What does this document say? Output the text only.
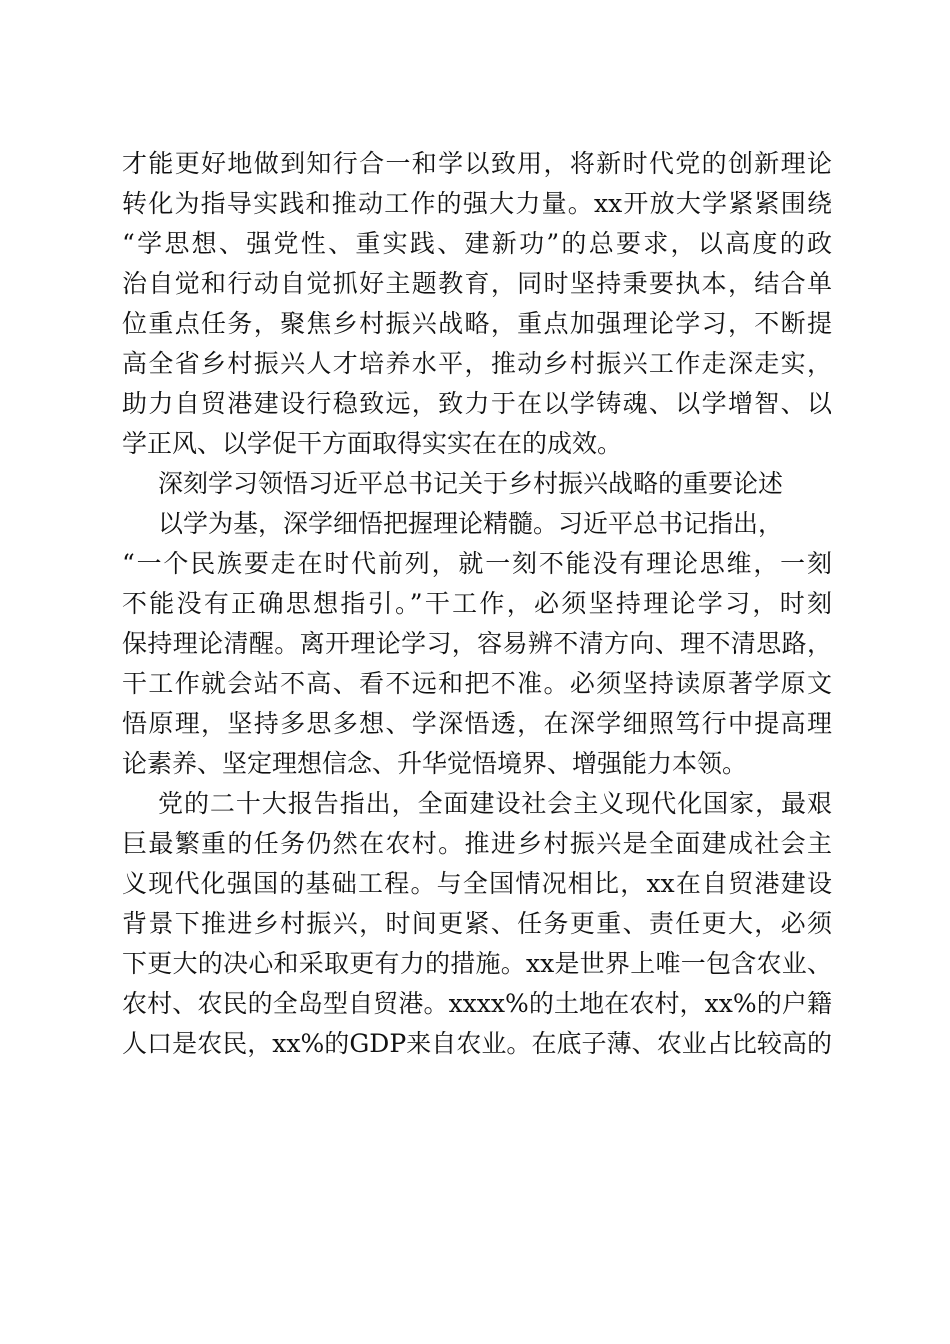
才能更好地做到知行合一和学以致用，将新时代党的创新理论
转化为指导实践和推动工作的强大力量。xx开放大学紧紧围绕
“学思想、强党性、重实践、建新功”的总要求，以高度的政
治自觉和行动自觉抓好主题教育，同时坚持秉要执本，结合单
位重点任务，聚焦乡村振兴战略，重点加强理论学习，不断提
高全省乡村振兴人才培养水平，推动乡村振兴工作走深走实，
助力自贸港建设行稳致远，致力于在以学铸魂、以学增智、以
学正风、以学促干方面取得实实在在的成效。
深刻学习领悟习近平总书记关于乡村振兴战略的重要论述
以学为基，深学细悟把握理论精髓。习近平总书记指出，
“一个民族要走在时代前列，就一刻不能没有理论思维，一刻
不能没有正确思想指引。”干工作，必须坚持理论学习，时刻
保持理论清醒。离开理论学习，容易辨不清方向、理不清思路，
干工作就会站不高、看不远和把不准。必须坚持读原著学原文
悟原理，坚持多思多想、学深悟透，在深学细照笃行中提高理
论素养、坚定理想信念、升华觉悟境界、增强能力本领。
党的二十大报告指出，全面建设社会主义现代化国家，最艰
巨最繁重的任务仍然在农村。推进乡村振兴是全面建成社会主
义现代化强国的基础工程。与全国情况相比，xx在自贸港建设
背景下推进乡村振兴，时间更紧、任务更重、责任更大，必须
下更大的决心和采取更有力的措施。xx是世界上唯一包含农业、
农村、农民的全岛型自贸港。xxxx%的土地在农村，xx%的户籍
人口是农民，xx%的GDP来自农业。在底子薄、农业占比较高的
